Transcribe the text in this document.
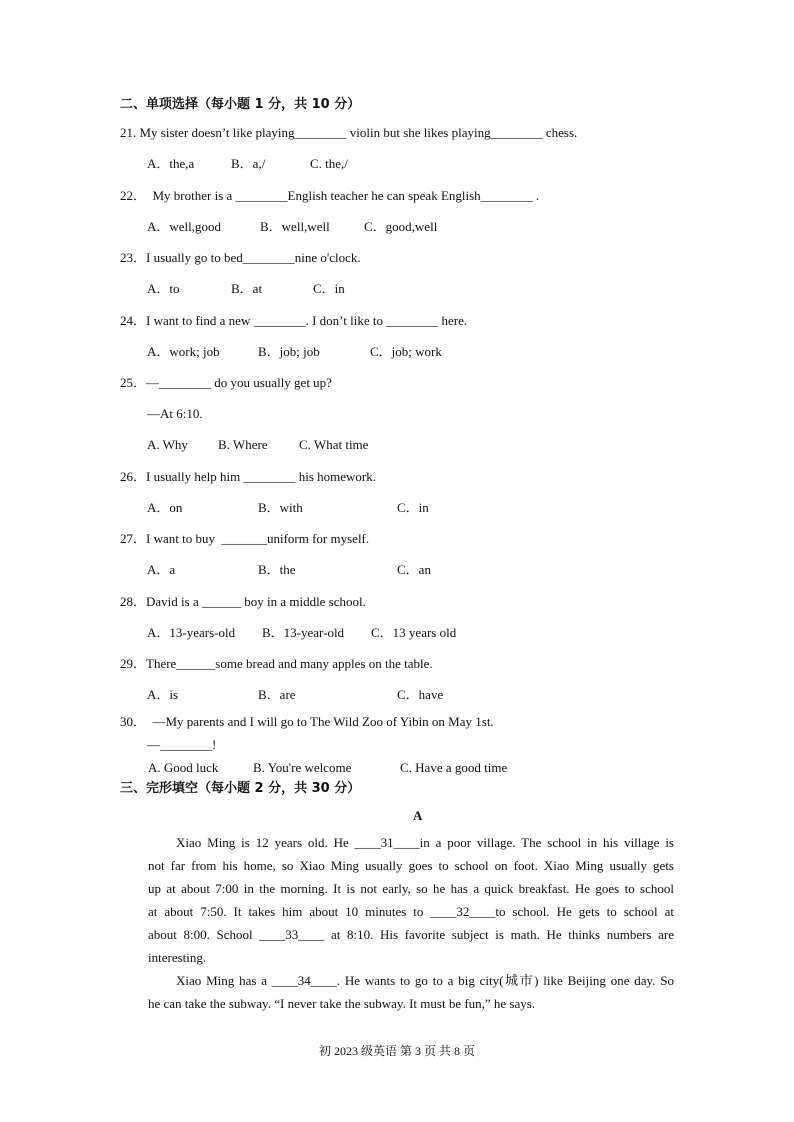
二、单项选择（每小题 1 分，共 10 分）
21. My sister doesn’t like playing________ violin but she likes playing________ chess.
A．the,a	B．a,/	C. the,/
22．  My brother is a ________English teacher he can speak English________ .
A．well,good	B．well,well	C．good,well
23．I usually go to bed________nine o'clock.
A．to	B．at	C．in
24．I want to find a new ________. I don’t like to ________ here.
A．work; job	B．job; job	C．job; work
25．—________ do you usually get up?
—At 6:10.
A. Why B. Where C. What time
26．I usually help him ________ his homework.
A．on	B．with	C．in
27．I want to buy  _______uniform for myself.
A．a	B．the	C．an
28．David is a ______ boy in a middle school.
A．13-years-old B．13-year-old C．13 years old
29．There______some bread and many apples on the table.
A．is	B．are	C．have
30．  —My parents and I will go to The Wild Zoo of Yibin on May 1st.
—________!
A. Good luck	B. You're welcome	C. Have a good time
三、完形填空（每小题 2 分，共 30 分）
A
Xiao Ming is 12 years old. He ____31____in a poor village. The school in his village is
not far from his home, so Xiao Ming usually goes to school on foot. Xiao Ming usually gets
up at about 7:00 in the morning. It is not early, so he has a quick breakfast. He goes to school
at about 7:50. It takes him about 10 minutes to ____32____to school. He gets to school at
about 8:00. School ____33____ at 8:10. His favorite subject is math. He thinks numbers are
interesting.
Xiao Ming has a ____34____. He wants to go to a big city(城市) like Beijing one day. So
he can take the subway. “I never take the subway. It must be fun,” he says.
初 2023 级英语 第 3 页 共 8 页
